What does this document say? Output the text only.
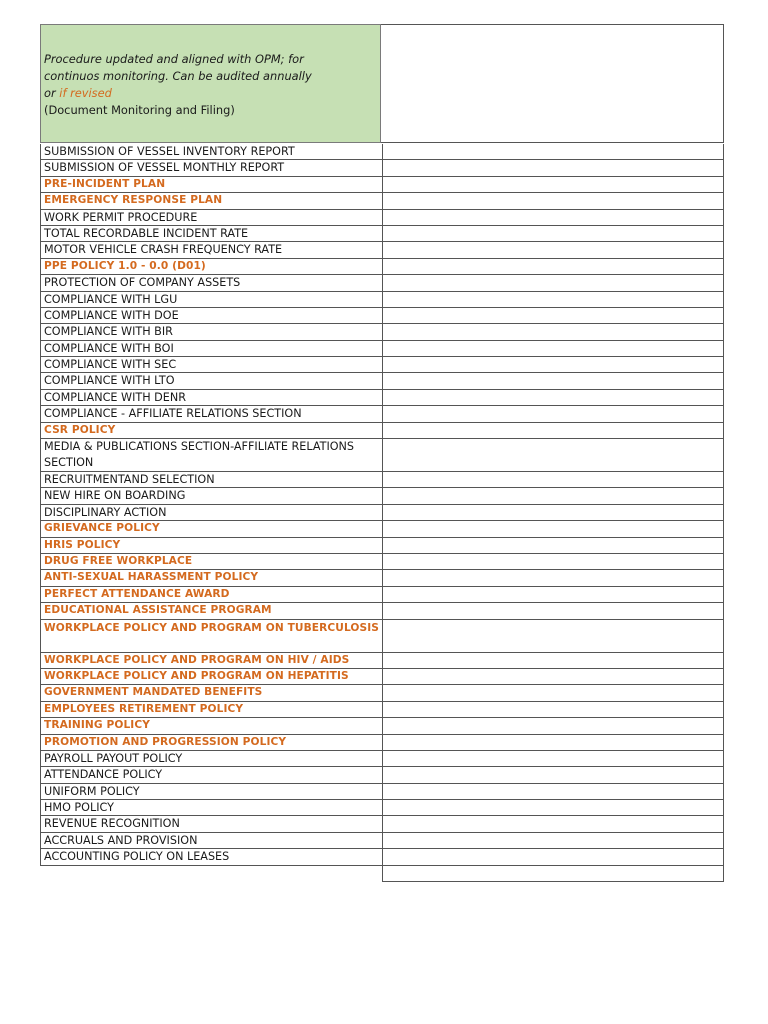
Procedure updated and aligned with OPM; for
continuos monitoring. Can be audited annually
or if revised
(Document Monitoring and Filing)
SUBMISSION OF VESSEL INVENTORY REPORT
SUBMISSION OF VESSEL MONTHLY REPORT
PRE-INCIDENT PLAN
EMERGENCY RESPONSE PLAN
WORK PERMIT PROCEDURE
TOTAL RECORDABLE INCIDENT RATE
MOTOR VEHICLE CRASH FREQUENCY RATE
PPE POLICY 1.0 - 0.0 (D01)
PROTECTION OF COMPANY ASSETS
COMPLIANCE WITH LGU
COMPLIANCE WITH DOE
COMPLIANCE WITH BIR
COMPLIANCE WITH BOI
COMPLIANCE WITH SEC
COMPLIANCE WITH LTO
COMPLIANCE WITH DENR
COMPLIANCE - AFFILIATE RELATIONS SECTION
CSR POLICY
MEDIA & PUBLICATIONS SECTION-AFFILIATE RELATIONS SECTION
RECRUITMENTAND SELECTION
NEW HIRE ON BOARDING
DISCIPLINARY ACTION
GRIEVANCE POLICY
HRIS POLICY
DRUG FREE WORKPLACE
ANTI-SEXUAL HARASSMENT POLICY
PERFECT ATTENDANCE AWARD
EDUCATIONAL ASSISTANCE PROGRAM
WORKPLACE POLICY AND PROGRAM ON TUBERCULOSIS
WORKPLACE POLICY AND PROGRAM ON HIV / AIDS
WORKPLACE POLICY AND PROGRAM ON HEPATITIS
GOVERNMENT MANDATED BENEFITS
EMPLOYEES RETIREMENT POLICY
TRAINING POLICY
PROMOTION AND PROGRESSION POLICY
PAYROLL PAYOUT POLICY
ATTENDANCE POLICY
UNIFORM POLICY
HMO POLICY
REVENUE RECOGNITION
ACCRUALS AND PROVISION
ACCOUNTING POLICY ON LEASES
